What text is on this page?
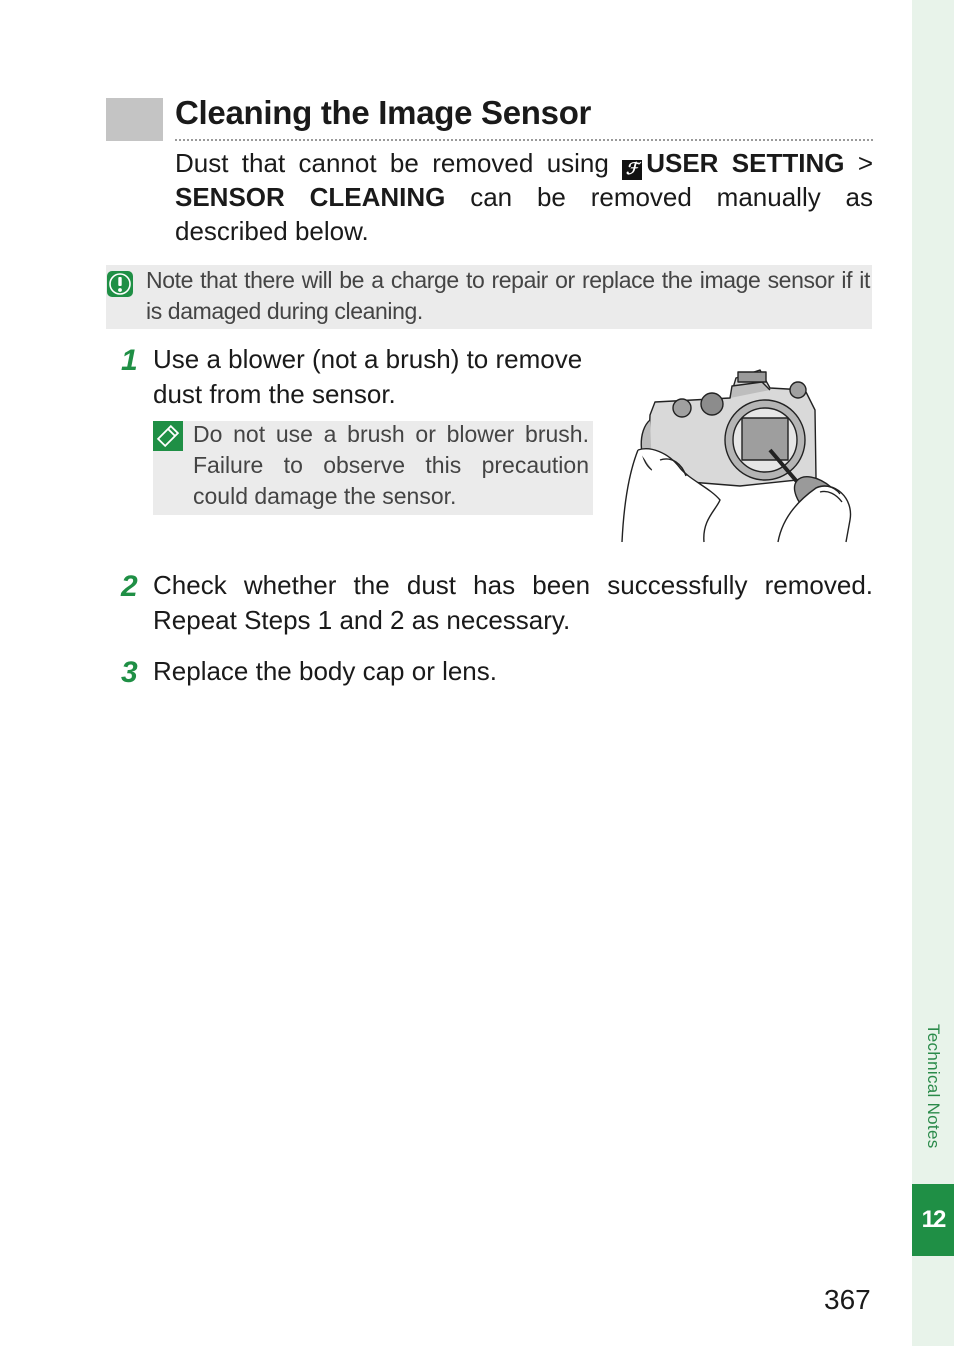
Technical Notes
12
Cleaning the Image Sensor
Dust that cannot be removed using ℱ USER SETTING > SENSOR CLEANING can be removed manually as described below.
Note that there will be a charge to repair or replace the image sensor if it is damaged during cleaning.
1 Use a blower (not a brush) to remove dust from the sensor.
Do not use a brush or blower brush.
Failure to observe this precaution
could damage the sensor.
2 Check whether the dust has been successfully removed. Repeat Steps 1 and 2 as necessary.
3 Replace the body cap or lens.
367
